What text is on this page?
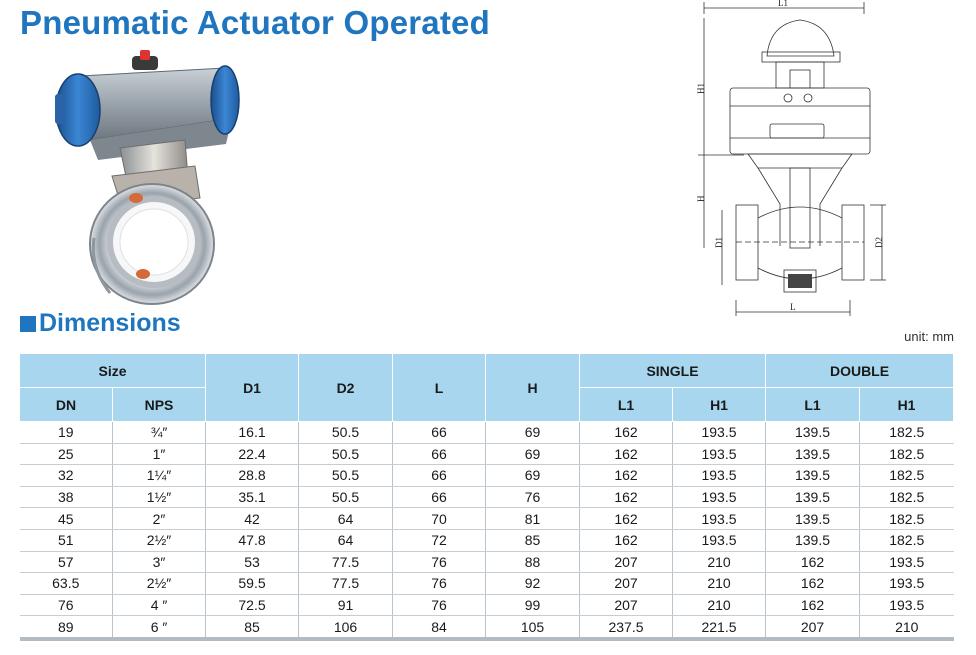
Pneumatic Actuator Operated
L1
H1
H
D1	D2
L
Dimensions	unit: mm
Size		D1	D2	L	H	SINGLE		DOUBLE	
DN	NPS					L1	H1	L1	H1
19	¾″	16.1	50.5	66	69	162	193.5	139.5	182.5
25	1″	22.4	50.5	66	69	162	193.5	139.5	182.5
32	1¼″	28.8	50.5	66	69	162	193.5	139.5	182.5
38	1½″	35.1	50.5	66	76	162	193.5	139.5	182.5
45	2″	42	64	70	81	162	193.5	139.5	182.5
51	2½″	47.8	64	72	85	162	193.5	139.5	182.5
57	3″	53	77.5	76	88	207	210	162	193.5
63.5	2½″	59.5	77.5	76	92	207	210	162	193.5
76	4 ″	72.5	91	76	99	207	210	162	193.5
89	6 ″	85	106	84	105	237.5	221.5	207	210
